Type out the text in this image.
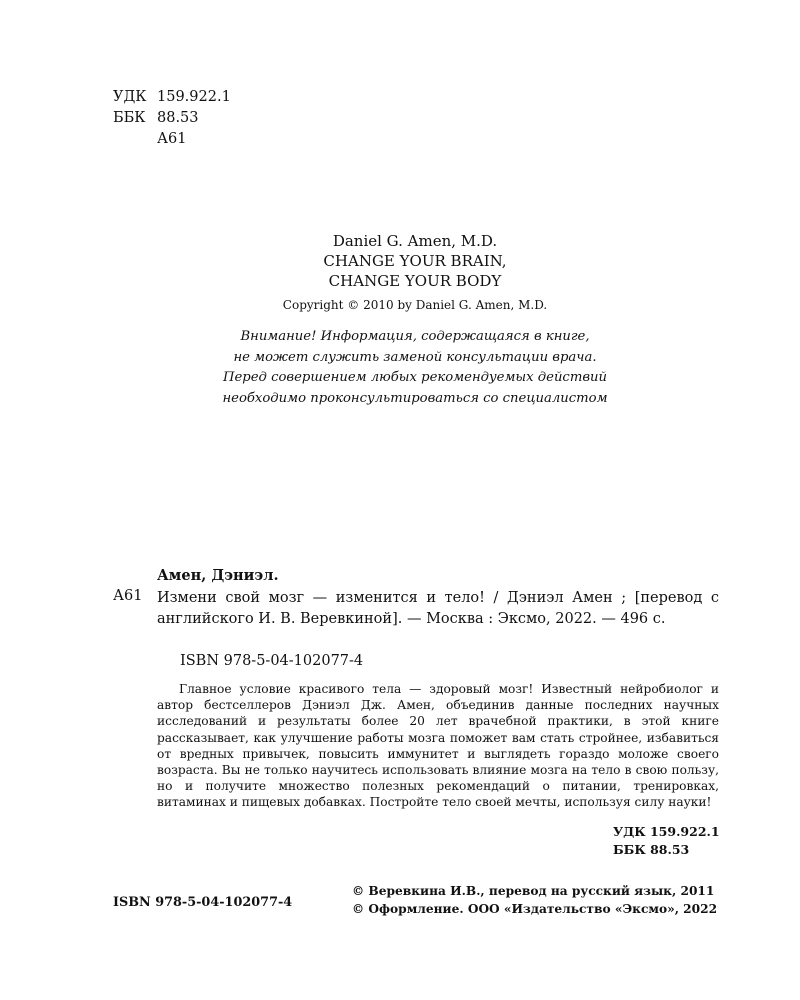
УДК 159.922.1
ББК 88.53
А61
Daniel G. Amen, M.D.
CHANGE YOUR BRAIN,
CHANGE YOUR BODY
Copyright © 2010 by Daniel G. Amen, M.D.
Внимание! Информация, содержащаяся в книге,
не может служить заменой консультации врача.
Перед совершением любых рекомендуемых действий
необходимо проконсультироваться со специалистом
Амен, Дэниэл.
А61 Измени свой мозг — изменится и тело! / Дэниэл Амен ; [перевод с английского И. В. Веревкиной]. — Москва : Эксмо, 2022. — 496 с.
ISBN 978-5-04-102077-4
Главное условие красивого тела — здоровый мозг! Известный нейробиолог и автор бестселлеров Дэниэл Дж. Амен, объединив данные последних научных исследований и результаты более 20 лет врачебной практики, в этой книге рассказывает, как улучшение работы мозга поможет вам стать стройнее, избавиться от вредных привычек, повысить иммунитет и выглядеть гораздо моложе своего возраста. Вы не только научитесь использовать влияние мозга на тело в свою пользу, но и получите множество полезных рекомендаций о питании, тренировках, витаминах и пищевых добавках. Постройте тело своей мечты, используя силу науки!
УДК 159.922.1
ББК 88.53
ISBN 978-5-04-102077-4
© Веревкина И.В., перевод на русский язык, 2011
© Оформление. ООО «Издательство «Эксмо», 2022
